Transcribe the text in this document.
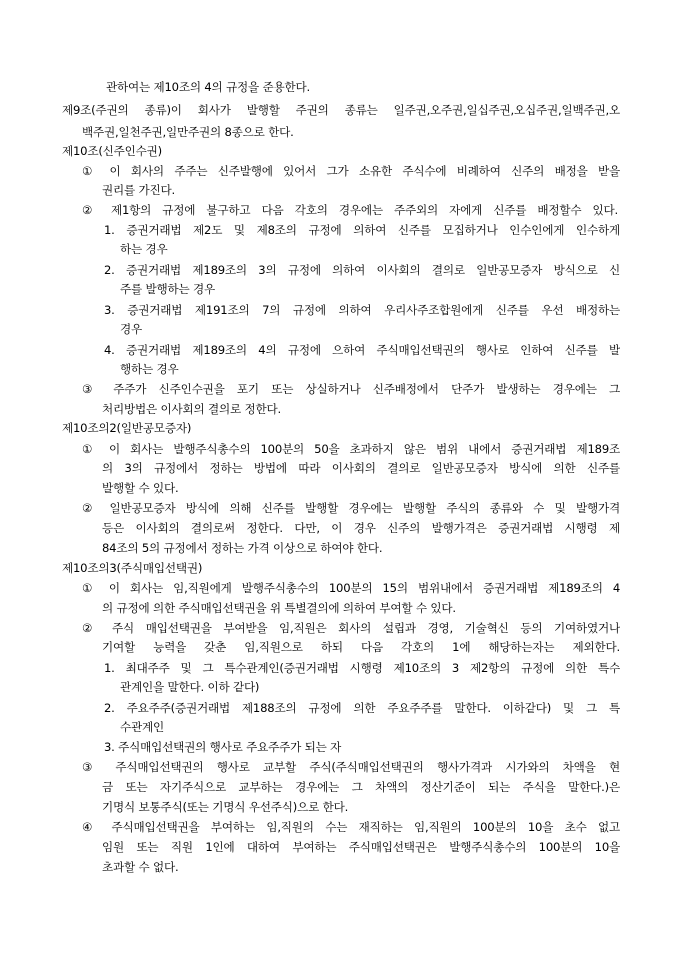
관하여는 제10조의 4의 규정을 준용한다.
제9조(주권의 종류)이 회사가 발행할 주권의 종류는 일주권,오주권,일십주권,오십주권,일백주권,오
백주권,일천주권,일만주권의 8종으로 한다.
제10조(신주인수권)
① 이 회사의 주주는 신주발행에 있어서 그가 소유한 주식수에 비례하여 신주의 배정을 받을
권리를 가진다.
② 제1항의 규정에 불구하고 다음 각호의 경우에는 주주외의 자에게 신주를 배정할수 있다.
1. 증권거래법 제2도 및 제8조의 규정에 의하여 신주를 모집하거나 인수인에게 인수하게
하는 경우
2. 증권거래법 제189조의 3의 규정에 의하여 이사회의 결의로 일반공모증자 방식으로 신
주를 발행하는 경우
3. 증권거래법 제191조의 7의 규정에 의하여 우리사주조합원에게 신주를 우선 배정하는
경우
4. 증권거래법 제189조의 4의 규정에 으하여 주식매입선택권의 행사로 인하여 신주를 발
행하는 경우
③ 주주가 신주인수권을 포기 또는 상실하거나 신주배정에서 단주가 발생하는 경우에는 그
처리방법은 이사회의 결의로 정한다.
제10조의2(일반공모증자)
① 이 회사는 발행주식총수의 100분의 50을 초과하지 않은 범위 내에서 증권거래법 제189조
의 3의 규정에서 정하는 방법에 따라 이사회의 결의로 일반공모증자 방식에 의한 신주를
발행할 수 있다.
② 일반공모증자 방식에 의해 신주를 발행할 경우에는 발행할 주식의 종류와 수 및 발행가격
등은 이사회의 결의로써 정한다. 다만, 이 경우 신주의 발행가격은 증권거래법 시행령 제
84조의 5의 규정에서 정하는 가격 이상으로 하여야 한다.
제10조의3(주식매입선택권)
① 이 회사는 임,직원에게 발행주식총수의 100분의 15의 범위내에서 증권거래법 제189조의 4
의 규정에 의한 주식매입선택권을 위 특별결의에 의하여 부여할 수 있다.
② 주식 매입선택권을 부여받을 임,직원은 회사의 설립과 경영, 기술혁신 등의 기여하였거나
기여할 능력을 갖춘 임,직원으로 하되 다음 각호의 1에 해당하는자는 제외한다.
1. 최대주주 및 그 특수관계인(증권거래법 시행령 제10조의 3 제2항의 규정에 의한 특수
관계인을 말한다. 이하 같다)
2. 주요주주(증권거래법 제188조의 규정에 의한 주요주주를 말한다. 이하같다) 및 그 특
수관계인
3. 주식매입선택권의 행사로 주요주주가 되는 자
③ 주식매입선택권의 행사로 교부할 주식(주식매입선택권의 행사가격과 시가와의 차액을 현
금 또는 자기주식으로 교부하는 경우에는 그 차액의 정산기준이 되는 주식을 말한다.)은
기명식 보통주식(또는 기명식 우선주식)으로 한다.
④ 주식매입선택권을 부여하는 임,직원의 수는 재직하는 임,직원의 100분의 10을 초수 없고
임원 또는 직원 1인에 대하여 부여하는 주식매입선택권은 발행주식총수의 100분의 10을
초과할 수 없다.
